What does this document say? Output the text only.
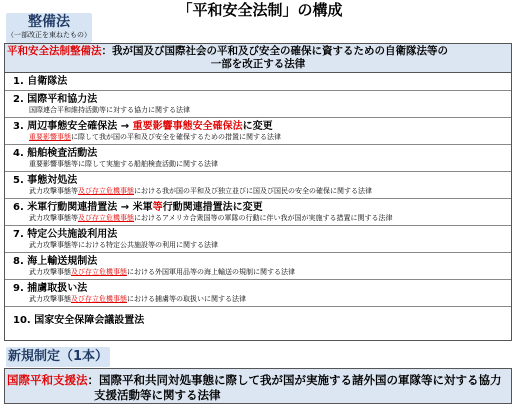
「平和安全法制」の構成
整備法
（一部改正を束ねたもの）
平和安全法制整備法：我が国及び国際社会の平和及び安全の確保に資するための自衛隊法等の
一部を改正する法律
1. 自衛隊法
2. 国際平和協力法
国際連合平和維持活動等に対する協力に関する法律
3. 周辺事態安全確保法 → 重要影響事態安全確保法に変更
重要影響事態に際して我が国の平和及び安全を確保するための措置に関する法律
4. 船舶検査活動法
重要影響事態等に際して実施する船舶検査活動に関する法律
5. 事態対処法
武力攻撃事態等及び存立危機事態における我が国の平和及び独立並びに国及び国民の安全の確保に関する法律
6. 米軍行動関連措置法 → 米軍等行動関連措置法に変更
武力攻撃事態等及び存立危機事態におけるアメリカ合衆国等の軍隊の行動に伴い我が国が実施する措置に関する法律
7. 特定公共施設利用法
武力攻撃事態等における特定公共施設等の利用に関する法律
8. 海上輸送規制法
武力攻撃事態及び存立危機事態における外国軍用品等の海上輸送の規制に関する法律
9. 捕虜取扱い法
武力攻撃事態及び存立危機事態における捕虜等の取扱いに関する法律
10. 国家安全保障会議設置法
新規制定（1本）
国際平和支援法：国際平和共同対処事態に際して我が国が実施する諸外国の軍隊等に対する協力
支援活動等に関する法律
